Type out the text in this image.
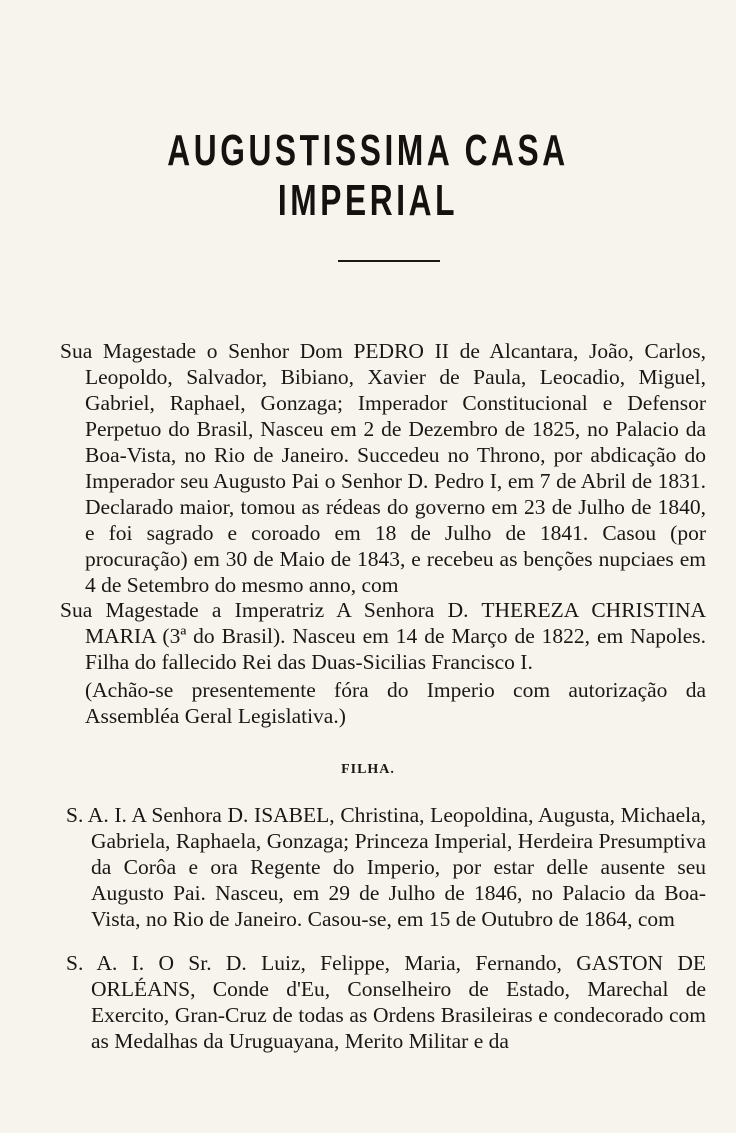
AUGUSTISSIMA CASA IMPERIAL

Sua Magestade o Senhor Dom PEDRO II de Alcantara, João, Carlos, Leopoldo, Salvador, Bibiano, Xavier de Paula, Leocadio, Miguel, Gabriel, Raphael, Gonzaga; Imperador Constitucional e Defensor Perpetuo do Brasil, Nasceu em 2 de Dezembro de 1825, no Palacio da Boa-Vista, no Rio de Janeiro. Succedeu no Throno, por abdicação do Imperador seu Augusto Pai o Senhor D. Pedro I, em 7 de Abril de 1831. Declarado maior, tomou as rédeas do governo em 23 de Julho de 1840, e foi sagrado e coroado em 18 de Julho de 1841. Casou (por procuração) em 30 de Maio de 1843, e recebeu as benções nupciaes em 4 de Setembro do mesmo anno, com

Sua Magestade a Imperatriz A Senhora D. THEREZA CHRISTINA MARIA (3ª do Brasil). Nasceu em 14 de Março de 1822, em Napoles. Filha do fallecido Rei das Duas-Sicilias Francisco I.

(Achão-se presentemente fóra do Imperio com autorização da Assembléa Geral Legislativa.)

FILHA.

S. A. I. A Senhora D. ISABEL, Christina, Leopoldina, Augusta, Michaela, Gabriela, Raphaela, Gonzaga; Princeza Imperial, Herdeira Presumptiva da Corôa e ora Regente do Imperio, por estar delle ausente seu Augusto Pai. Nasceu, em 29 de Julho de 1846, no Palacio da Boa-Vista, no Rio de Janeiro. Casou-se, em 15 de Outubro de 1864, com

S. A. I. O Sr. D. Luiz, Felippe, Maria, Fernando, GASTON DE ORLÉANS, Conde d'Eu, Conselheiro de Estado, Marechal de Exercito, Gran-Cruz de todas as Ordens Brasileiras e condecorado com as Medalhas da Uruguayana, Merito Militar e da
